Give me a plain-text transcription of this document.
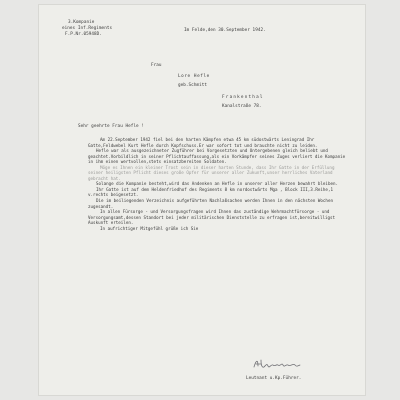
3.Kompanie
eines Inf.Regiments
F.P.Nr.05948D.
Im Felde,den 30.September 1942.
Frau
Lore Hefle
geb.Schmitt
Frankenthal
Kanalstraße 78.
Sehr geehrte Frau Hefle !

Am 22.September 1942 fiel bei den harten Kämpfen etwa 45 km südostwärts Leningrad Ihr Gatte,Feldwebel Kurt Hefle durch Kopfschuss.Er war sofort tot und brauchte nicht zu leiden.

Hefle war als ausgezeichneter Zugführer bei Vorgesetzten und Untergebenen gleich beliebt und geachtet.Vorbildlich in seiner Pflichtauffassung,als ein Vorkämpfer seines Zuges verliert die Kompanie in ihm einen wertvollen,stets einsatzbereiten Soldaten.

Möge es Ihnen ein kleiner Trost sein in dieser harten Stunde, dass Ihr Gatte in der Erfüllung seiner heiligsten Pflicht dieses große Opfer für unserer aller Zukunft,unser herrliches Vaterland gebracht hat.

Solange die Kompanie besteht,wird das Andenken an Hefle in unserer aller Herzen bewahrt bleiben.

Ihr Gatte ist auf dem Heldenfriedhof des Regiments 8 km nordostwärts Mga , Block III,3.Reihe,1 v.rechts beigesetzt.

Die im beiliegenden Verzeichnis aufgeführten Nachlaßsachen werden Ihnen in den nächsten Wochen zugesandt.

In allen Fürsorge - und Versorgungsfragen wird Ihnen das zuständige Wehrmachtfürsorge - und Versorgungsamt,dessen Standort bei jeder militärischen Dienststelle zu erfragen ist,bereitwilligst Auskunft erteilen.

In aufrichtiger Mitgefühl grüße ich Sie

Leutnant u.Kp.Führer.
